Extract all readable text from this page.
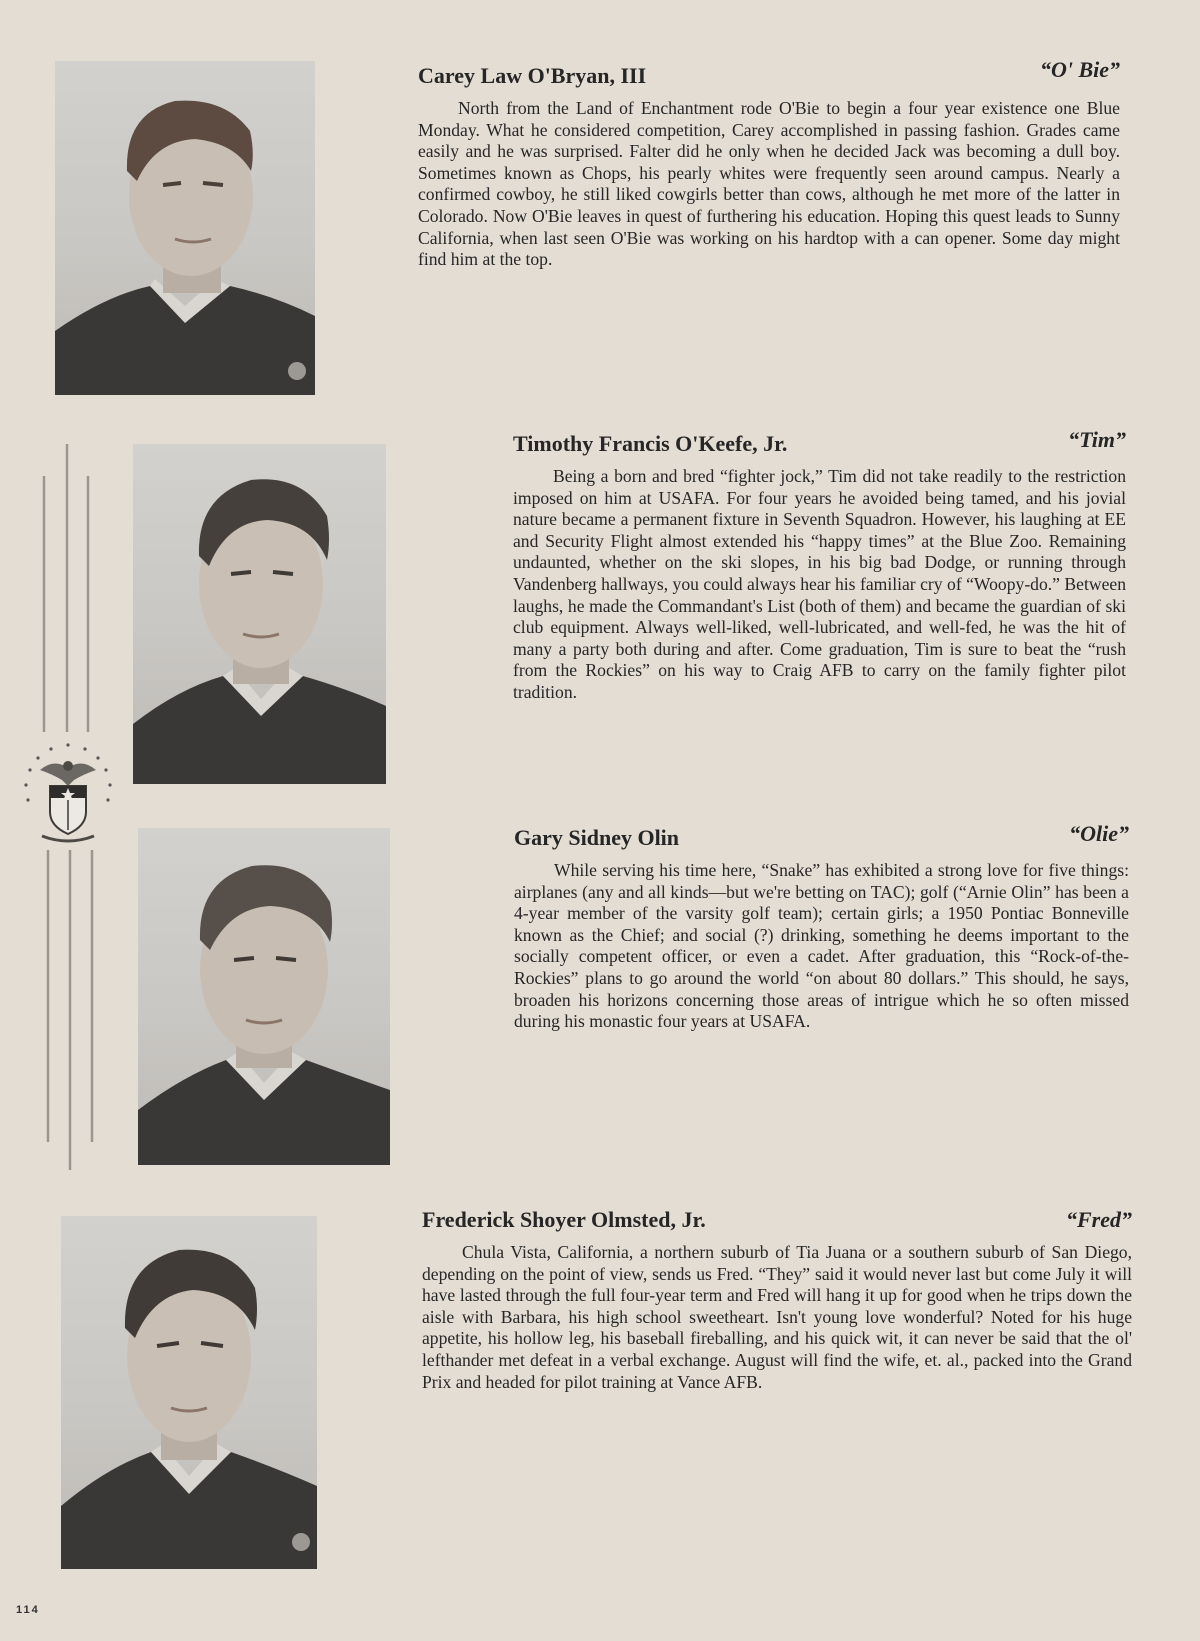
Carey Law O'Bryan, III	“O' Bie”

North from the Land of Enchantment rode O'Bie to begin a four year existence one Blue Monday. What he considered competition, Carey accomplished in passing fashion. Grades came easily and he was surprised. Falter did he only when he decided Jack was becoming a dull boy. Sometimes known as Chops, his pearly whites were frequently seen around campus. Nearly a confirmed cowboy, he still liked cowgirls better than cows, although he met more of the latter in Colorado. Now O'Bie leaves in quest of furthering his education. Hoping this quest leads to Sunny California, when last seen O'Bie was working on his hardtop with a can opener. Some day might find him at the top.

Timothy Francis O'Keefe, Jr.	“Tim”

Being a born and bred “fighter jock,” Tim did not take readily to the restriction imposed on him at USAFA. For four years he avoided being tamed, and his jovial nature became a permanent fixture in Seventh Squadron. However, his laughing at EE and Security Flight almost extended his “happy times” at the Blue Zoo. Remaining undaunted, whether on the ski slopes, in his big bad Dodge, or running through Vandenberg hallways, you could always hear his familiar cry of “Woopy-do.” Between laughs, he made the Commandant's List (both of them) and became the guardian of ski club equipment. Always well-liked, well-lubricated, and well-fed, he was the hit of many a party both during and after. Come graduation, Tim is sure to beat the “rush from the Rockies” on his way to Craig AFB to carry on the family fighter pilot tradition.

Gary Sidney Olin	“Olie”

While serving his time here, “Snake” has exhibited a strong love for five things: airplanes (any and all kinds—but we're betting on TAC); golf (“Arnie Olin” has been a 4-year member of the varsity golf team); certain girls; a 1950 Pontiac Bonneville known as the Chief; and social (?) drinking, something he deems important to the socially competent officer, or even a cadet. After graduation, this “Rock-of-the-Rockies” plans to go around the world “on about 80 dollars.” This should, he says, broaden his horizons concerning those areas of intrigue which he so often missed during his monastic four years at USAFA.

Frederick Shoyer Olmsted, Jr.	“Fred”

Chula Vista, California, a northern suburb of Tia Juana or a southern suburb of San Diego, depending on the point of view, sends us Fred. “They” said it would never last but come July it will have lasted through the full four-year term and Fred will hang it up for good when he trips down the aisle with Barbara, his high school sweetheart. Isn't young love wonderful? Noted for his huge appetite, his hollow leg, his baseball fireballing, and his quick wit, it can never be said that the ol' lefthander met defeat in a verbal exchange. August will find the wife, et. al., packed into the Grand Prix and headed for pilot training at Vance AFB.

114
